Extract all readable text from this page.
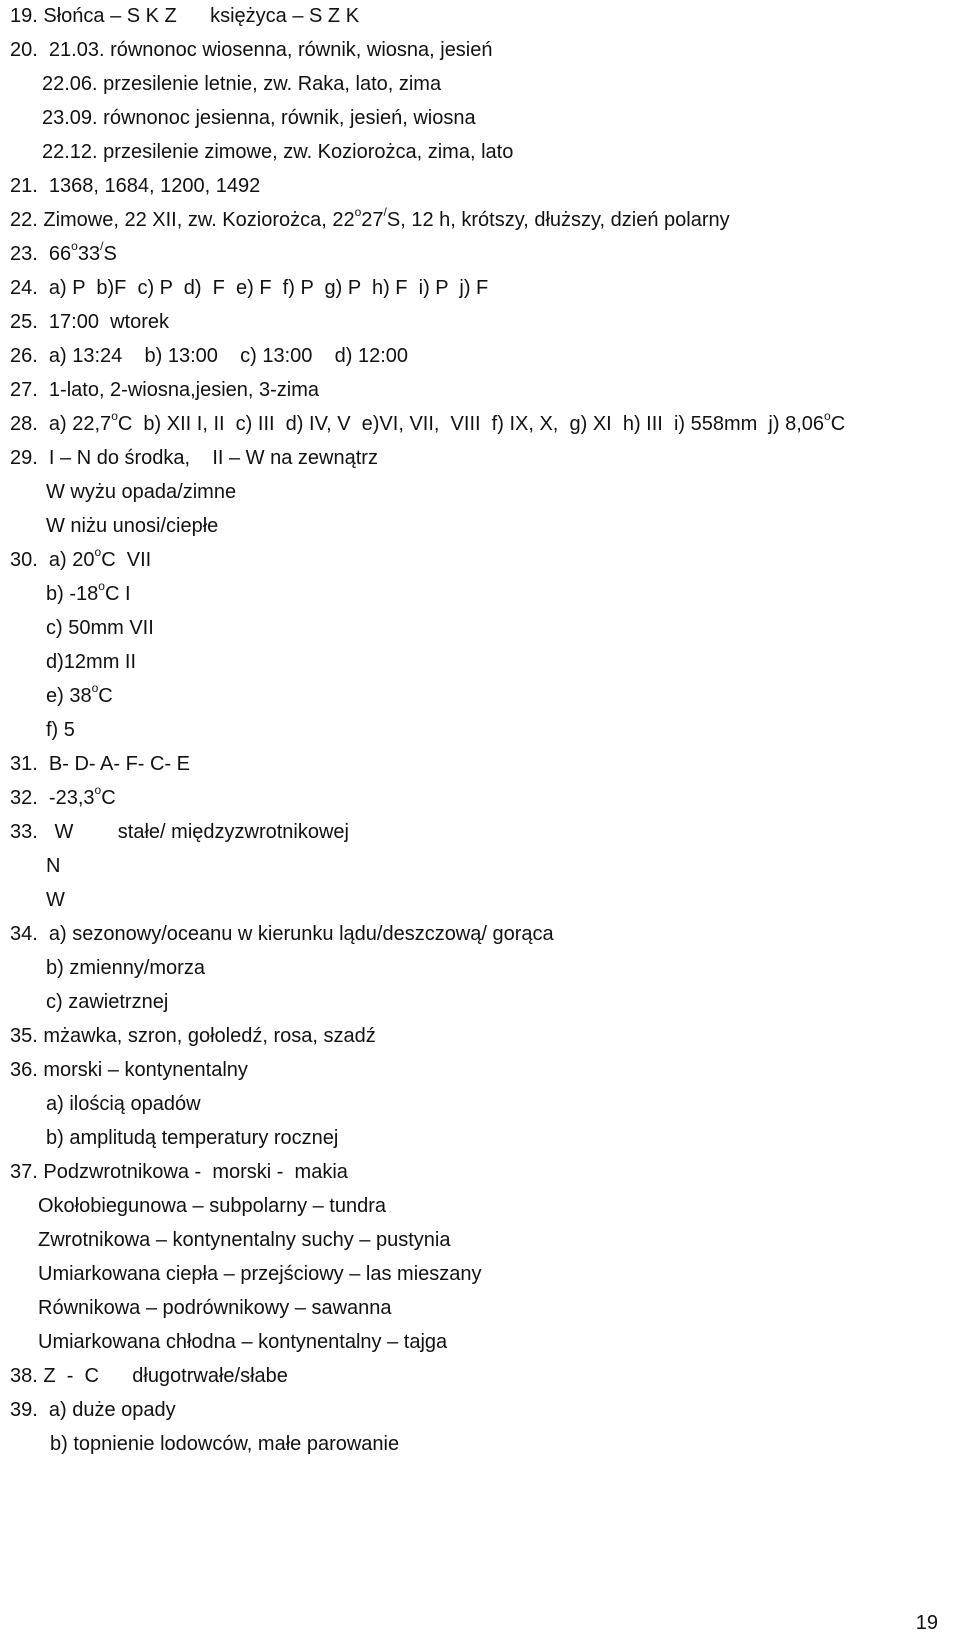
19. Słońca – S K Z      księżyca – S Z K
20.  21.03. równonoc wiosenna, równik, wiosna, jesień
22.06. przesilenie letnie, zw. Raka, lato, zima
23.09. równonoc jesienna, równik, jesień, wiosna
22.12. przesilenie zimowe, zw. Koziorożca, zima, lato
21.  1368, 1684, 1200, 1492
22. Zimowe, 22 XII, zw. Koziorożca, 22$^o$27/S, 12 h, krótszy, dłuższy, dzień polarny
23.  66$^o$33/S
24.  a) P  b)F  c) P  d)  F  e) F  f) P  g) P  h) F  i) P  j) F
25.  17:00  wtorek
26.  a) 13:24    b) 13:00    c) 13:00    d) 12:00
27.  1-lato, 2-wiosna,jesien, 3-zima
28.  a) 22,7$^o$C  b) XII I, II  c) III  d) IV, V  e)VI, VII,  VIII  f) IX, X,  g) XI  h) III  i) 558mm  j) 8,06$^o$C
29.  I – N do środka,    II – W na zewnątrz
W wyżu opada/zimne
W niżu unosi/ciepłe
30.  a) 20$^o$C  VII
b) -18$^o$C I
c) 50mm VII
d)12mm II
e) 38$^o$C
f) 5
31.  B- D- A- F- C- E
32.  -23,3$^o$C
33.   W        stałe/ międzyzwrotnikowej
N
W
34.  a) sezonowy/oceanu w kierunku lądu/deszczową/ gorąca
b) zmienny/morza
c) zawietrznej
35. mżawka, szron, gołoledź, rosa, szadź
36. morski – kontynentalny
a) ilością opadów
b) amplitudą temperatury rocznej
37. Podzwrotnikowa -  morski -  makia
Okołobiegunowa – subpolarny – tundra
Zwrotnikowa – kontynentalny suchy – pustynia
Umiarkowana ciepła – przejściowy – las mieszany
Równikowa – podrównikowy – sawanna
Umiarkowana chłodna – kontynentalny – tajga
38. Z  -  C      długotrwałe/słabe
39.  a) duże opady
b) topnienie lodowców, małe parowanie
19
